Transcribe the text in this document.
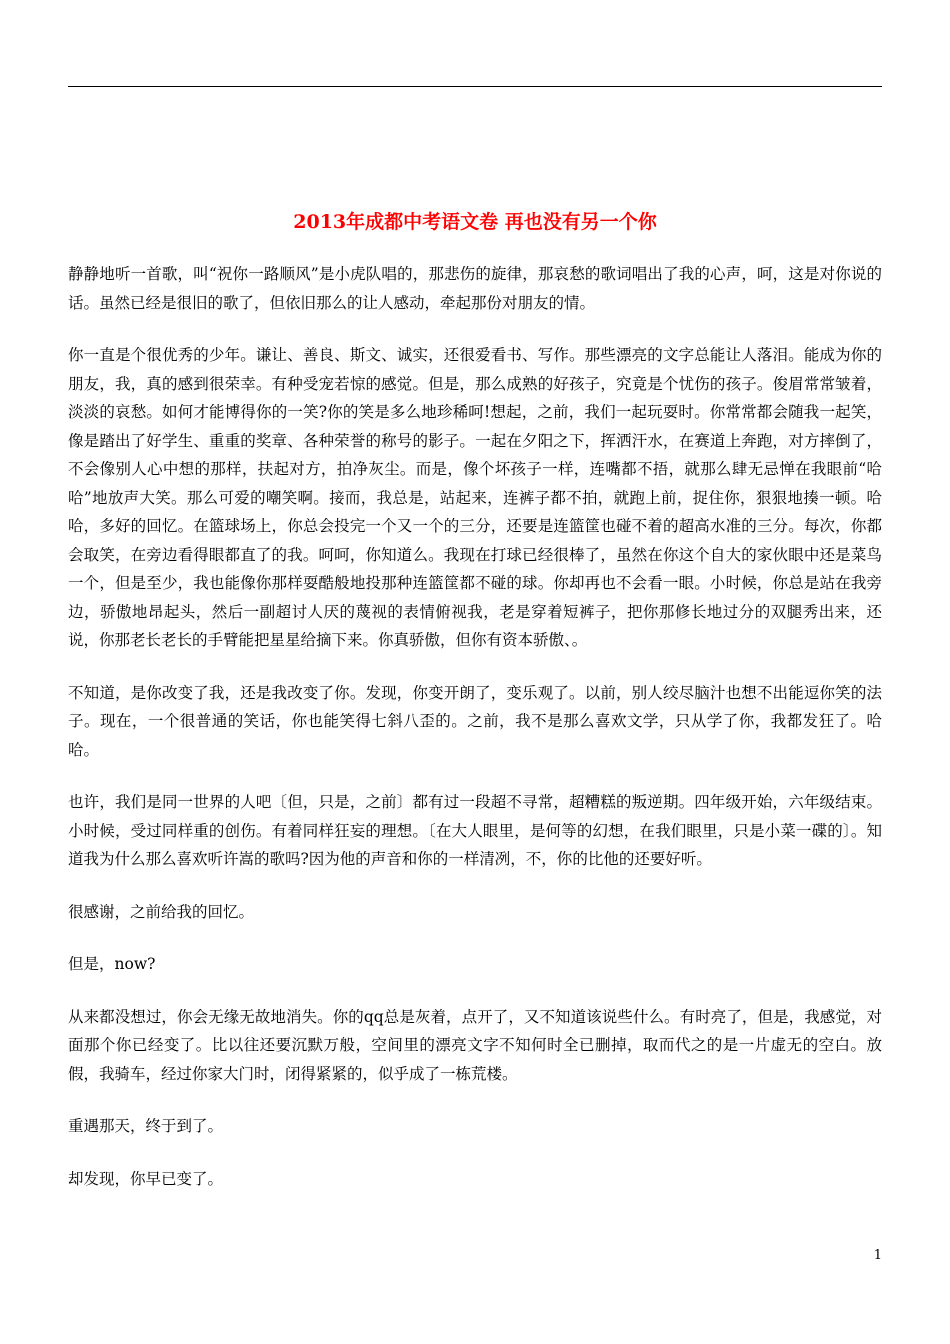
2013年成都中考语文卷 再也没有另一个你

静静地听一首歌，叫“祝你一路顺风”是小虎队唱的，那悲伤的旋律，那哀愁的歌词唱出了我的心声，呵，这是对你说的话。虽然已经是很旧的歌了，但依旧那么的让人感动，牵起那份对朋友的情。

你一直是个很优秀的少年。谦让、善良、斯文、诚实，还很爱看书、写作。那些漂亮的文字总能让人落泪。能成为你的朋友，我，真的感到很荣幸。有种受宠若惊的感觉。但是，那么成熟的好孩子，究竟是个忧伤的孩子。俊眉常常皱着，淡淡的哀愁。如何才能博得你的一笑?你的笑是多么地珍稀呵!想起，之前，我们一起玩耍时。你常常都会随我一起笑，像是踏出了好学生、重重的奖章、各种荣誉的称号的影子。一起在夕阳之下，挥洒汗水，在赛道上奔跑，对方摔倒了，不会像别人心中想的那样，扶起对方，拍净灰尘。而是，像个坏孩子一样，连嘴都不捂，就那么肆无忌惮在我眼前“哈哈”地放声大笑。那么可爱的嘲笑啊。接而，我总是，站起来，连裤子都不拍，就跑上前，捉住你，狠狠地揍一顿。哈哈，多好的回忆。在篮球场上，你总会投完一个又一个的三分，还要是连篮筐也碰不着的超高水准的三分。每次，你都会取笑，在旁边看得眼都直了的我。呵呵，你知道么。我现在打球已经很棒了，虽然在你这个自大的家伙眼中还是菜鸟一个，但是至少，我也能像你那样耍酷般地投那种连篮筐都不碰的球。你却再也不会看一眼。小时候，你总是站在我旁边，骄傲地昂起头，然后一副超讨人厌的蔑视的表情俯视我，老是穿着短裤子，把你那修长地过分的双腿秀出来，还说，你那老长老长的手臂能把星星给摘下来。你真骄傲，但你有资本骄傲、。

不知道，是你改变了我，还是我改变了你。发现，你变开朗了，变乐观了。以前，别人绞尽脑汁也想不出能逗你笑的法子。现在，一个很普通的笑话，你也能笑得七斜八歪的。之前，我不是那么喜欢文学，只从学了你，我都发狂了。哈哈。

也许，我们是同一世界的人吧〔但，只是，之前〕都有过一段超不寻常，超糟糕的叛逆期。四年级开始，六年级结束。小时候，受过同样重的创伤。有着同样狂妄的理想。〔在大人眼里，是何等的幻想，在我们眼里，只是小菜一碟的〕。知道我为什么那么喜欢听许嵩的歌吗?因为他的声音和你的一样清冽，不，你的比他的还要好听。

很感谢，之前给我的回忆。

但是，now?

从来都没想过，你会无缘无故地消失。你的qq总是灰着，点开了，又不知道该说些什么。有时亮了，但是，我感觉，对面那个你已经变了。比以往还要沉默万般，空间里的漂亮文字不知何时全已删掉，取而代之的是一片虚无的空白。放假，我骑车，经过你家大门时，闭得紧紧的，似乎成了一栋荒楼。

重遇那天，终于到了。

却发现，你早已变了。

1
